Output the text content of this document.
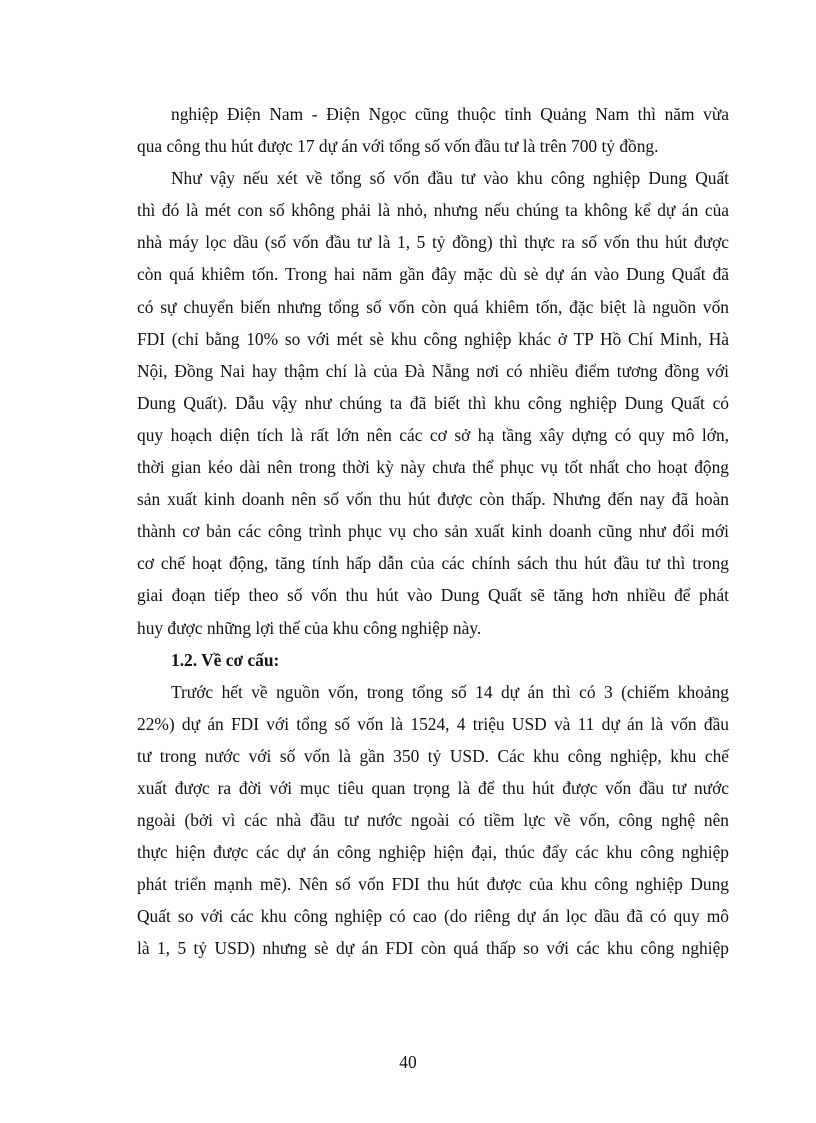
nghiệp Điện Nam - Điện Ngọc cũng thuộc tỉnh Quảng Nam thì năm vừa
qua công thu hút được 17 dự án với tổng số vốn đầu tư là trên 700 tỷ đồng.
Như vậy nếu xét về tổng số vốn đầu tư vào khu công nghiệp Dung Quất
thì đó là mét con số không phải là nhỏ, nhưng nếu chúng ta không kể dự án của
nhà máy lọc dầu (số vốn đầu tư là 1, 5 tỷ đồng) thì thực ra số vốn thu hút được
còn quá khiêm tốn. Trong hai năm gần đây mặc dù sè dự án vào Dung Quất đã
có sự chuyển biến nhưng tổng số vốn còn quá khiêm tốn, đặc biệt là nguồn vốn
FDI (chỉ bằng 10% so với mét sè khu công nghiệp khác ở TP Hồ Chí Minh, Hà
Nội, Đồng Nai hay thậm chí là của Đà Nẵng nơi có nhiều điểm tương đồng với
Dung Quất). Dẫu vậy như chúng ta đã biết thì khu công nghiệp Dung Quất có
quy hoạch diện tích là rất lớn nên các cơ sở hạ tầng xây dựng có quy mô lớn,
thời gian kéo dài nên trong thời kỳ này chưa thể phục vụ tốt nhất cho hoạt động
sản xuất kinh doanh nên số vốn thu hút được còn thấp. Nhưng đến nay đã hoàn
thành cơ bản các công trình phục vụ cho sản xuất kinh doanh cũng như đổi mới
cơ chế hoạt động, tăng tính hấp dẫn của các chính sách thu hút đầu tư thì trong
giai đoạn tiếp theo số vốn thu hút vào Dung Quất sẽ tăng hơn nhiều để phát
huy được những lợi thế của khu công nghiệp này.
1.2. Về cơ cấu:
Trước hết về nguồn vốn, trong tổng số 14 dự án thì có 3 (chiếm khoảng
22%) dự án FDI với tổng số vốn là 1524, 4 triệu USD và 11 dự án là vốn đầu
tư trong nước với số vốn là gần 350 tỷ USD. Các khu công nghiệp, khu chế
xuất được ra đời với mục tiêu quan trọng là để thu hút được vốn đầu tư nước
ngoài (bởi vì các nhà đầu tư nước ngoài có tiềm lực về vốn, công nghệ nên
thực hiện được các dự án công nghiệp hiện đại, thúc đẩy các khu công nghiệp
phát triển mạnh mẽ). Nên số vốn FDI thu hút được của khu công nghiệp Dung
Quất so với các khu công nghiệp có cao (do riêng dự án lọc dầu đã có quy mô
là 1, 5 tỷ USD) nhưng sè dự án FDI còn quá thấp so với các khu công nghiệp
40
